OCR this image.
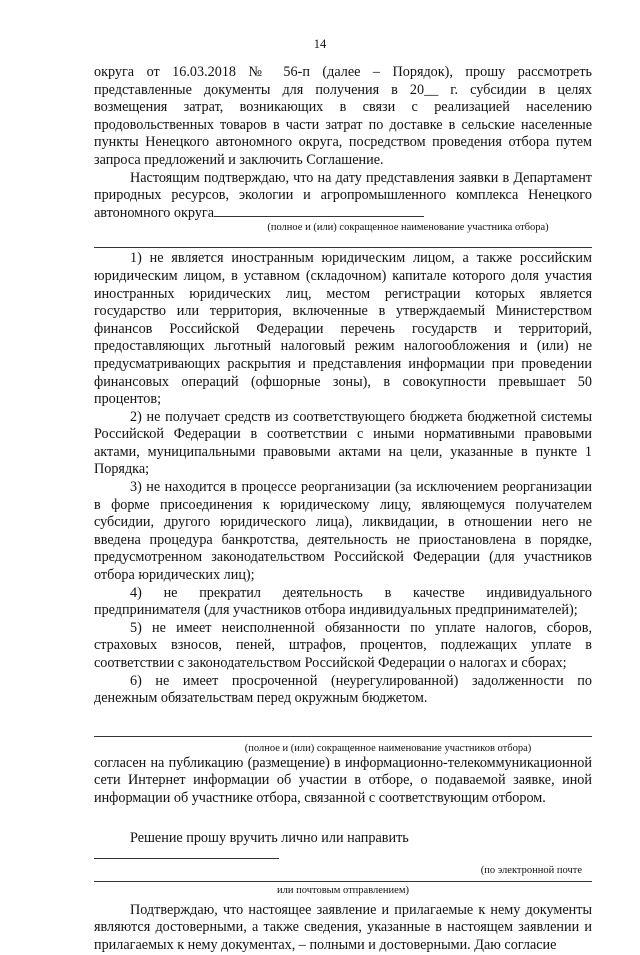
14

округа от 16.03.2018 № 56-п (далее – Порядок), прошу рассмотреть представленные документы для получения в 20__ г. субсидии в целях возмещения затрат, возникающих в связи с реализацией населению продовольственных товаров в части затрат по доставке в сельские населенные пункты Ненецкого автономного округа, посредством проведения отбора путем запроса предложений и заключить Соглашение.

Настоящим подтверждаю, что на дату представления заявки в Департамент природных ресурсов, экологии и агропромышленного комплекса Ненецкого автономного округа

(полное и (или) сокращенное наименование участника отбора)

1) не является иностранным юридическим лицом, а также российским юридическим лицом, в уставном (складочном) капитале которого доля участия иностранных юридических лиц, местом регистрации которых является государство или территория, включенные в утверждаемый Министерством финансов Российской Федерации перечень государств и территорий, предоставляющих льготный налоговый режим налогообложения и (или) не предусматривающих раскрытия и представления информации при проведении финансовых операций (офшорные зоны), в совокупности превышает 50 процентов;

2) не получает средств из соответствующего бюджета бюджетной системы Российской Федерации в соответствии с иными нормативными правовыми актами, муниципальными правовыми актами на цели, указанные в пункте 1 Порядка;

3) не находится в процессе реорганизации (за исключением реорганизации в форме присоединения к юридическому лицу, являющемуся получателем субсидии, другого юридического лица), ликвидации, в отношении него не введена процедура банкротства, деятельность не приостановлена в порядке, предусмотренном законодательством Российской Федерации (для участников отбора юридических лиц);

4) не прекратил деятельность в качестве индивидуального предпринимателя (для участников отбора индивидуальных предпринимателей);

5) не имеет неисполненной обязанности по уплате налогов, сборов, страховых взносов, пеней, штрафов, процентов, подлежащих уплате в соответствии с законодательством Российской Федерации о налогах и сборах;

6) не имеет просроченной (неурегулированной) задолженности по денежным обязательствам перед окружным бюджетом.

(полное и (или) сокращенное наименование участников отбора)

согласен на публикацию (размещение) в информационно-телекоммуникационной сети Интернет информации об участии в отборе, о подаваемой заявке, иной информации об участнике отбора, связанной с соответствующим отбором.

Решение прошу вручить лично или направить

(по электронной почте
или почтовым отправлением)

Подтверждаю, что настоящее заявление и прилагаемые к нему документы являются достоверными, а также сведения, указанные в настоящем заявлении и прилагаемых к нему документах, – полными и достоверными. Даю согласие
